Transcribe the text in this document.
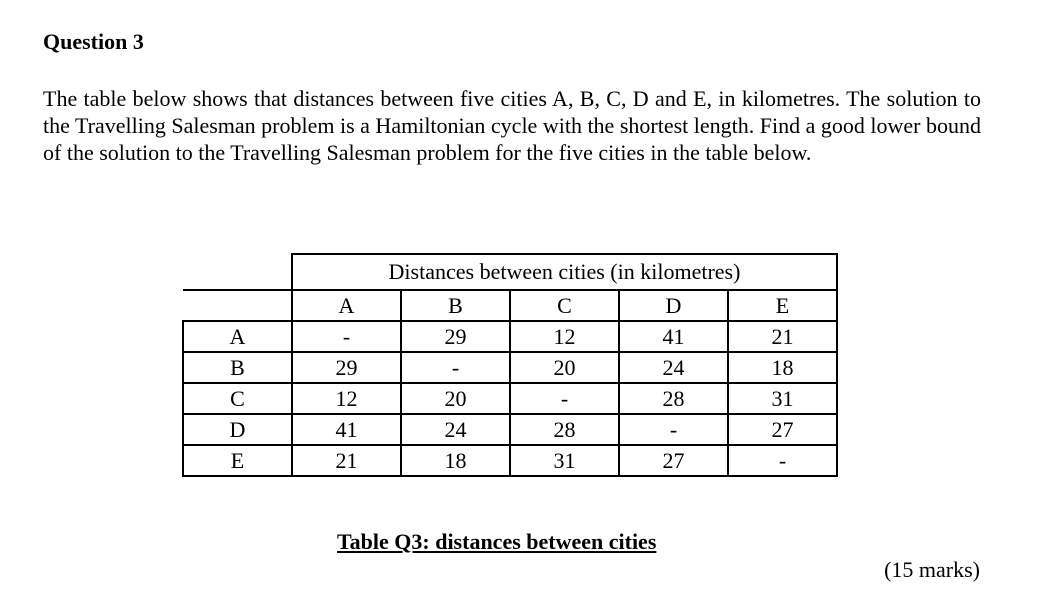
Question 3

The table below shows that distances between five cities A, B, C, D and E, in kilometres. The solution to the Travelling Salesman problem is a Hamiltonian cycle with the shortest length. Find a good lower bound of the solution to the Travelling Salesman problem for the five cities in the table below.

	Distances between cities (in kilometres)				
	A	B	C	D	E
A	-	29	12	41	21
B	29	-	20	24	18
C	12	20	-	28	31
D	41	24	28	-	27
E	21	18	31	27	-

Table Q3: distances between cities

(15 marks)
